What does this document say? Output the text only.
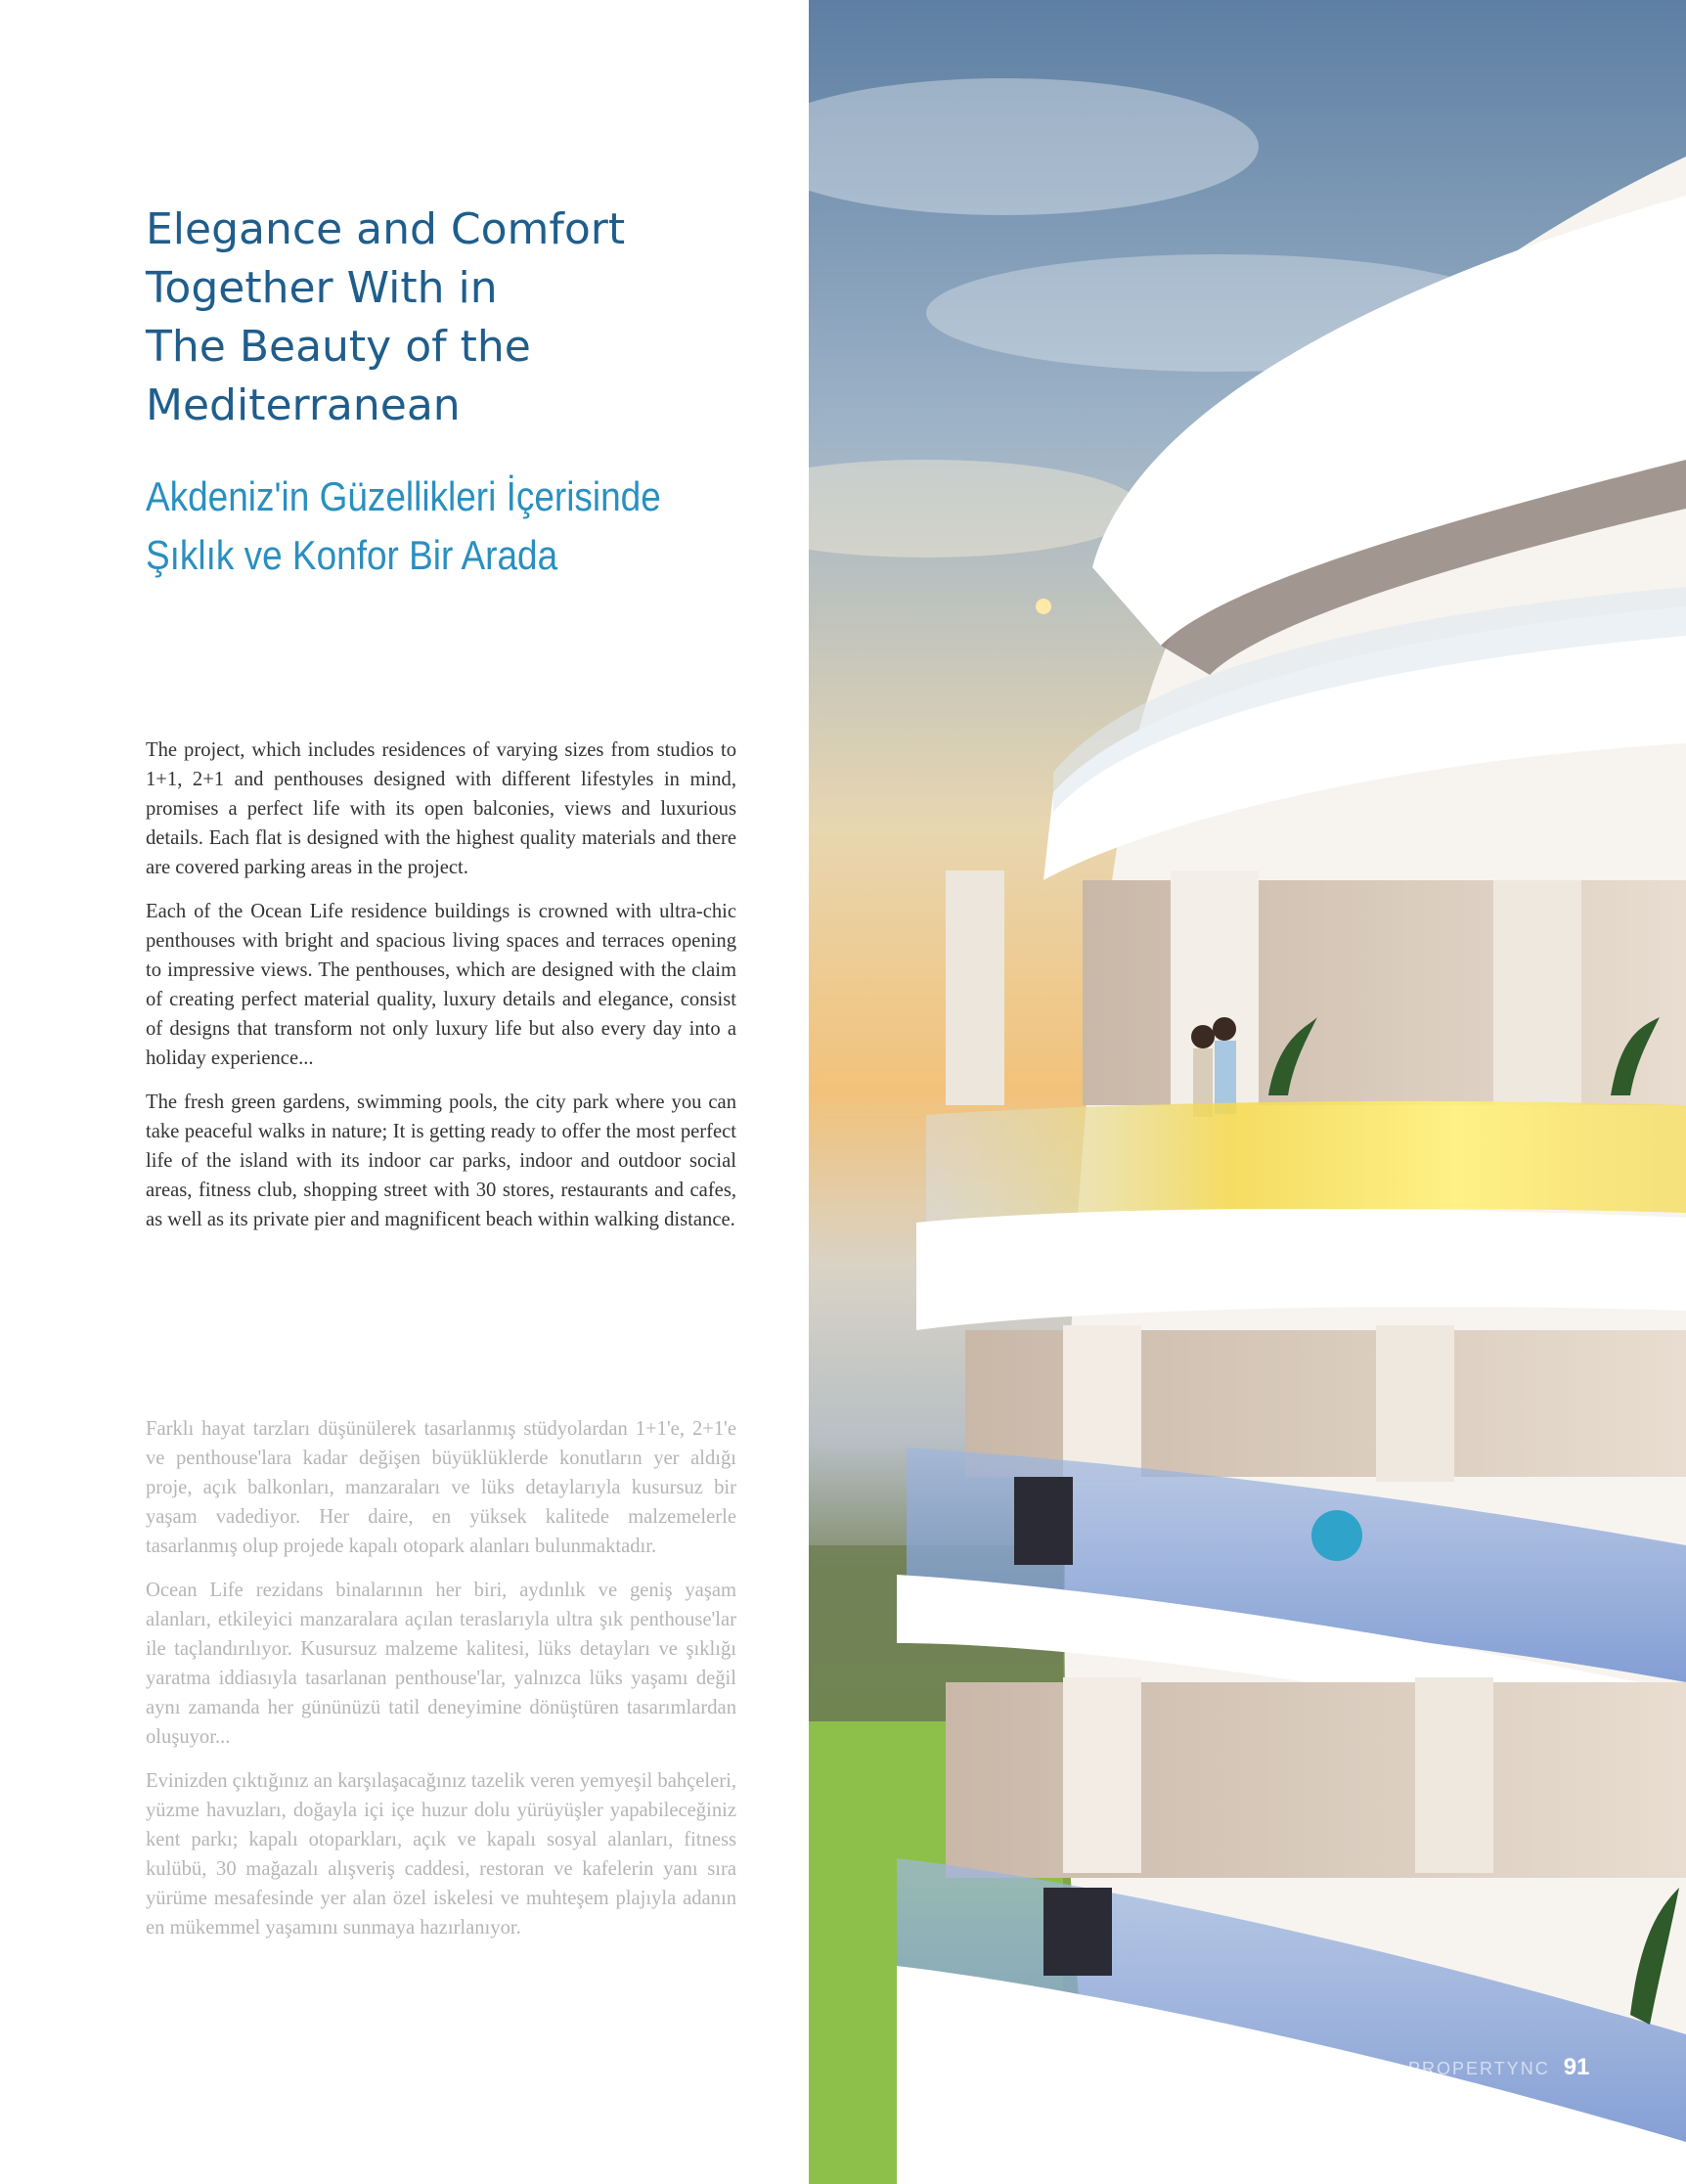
Elegance and Comfort
Together With in
The Beauty of the
Mediterranean
Akdeniz'in Güzellikleri İçerisinde
Şıklık ve Konfor Bir Arada

The project, which includes residences of varying sizes from studios to 1+1, 2+1 and penthouses designed with different lifestyles in mind, promises a perfect life with its open balconies, views and luxurious details. Each flat is designed with the highest quality materials and there are covered parking areas in the project.

Each of the Ocean Life residence buildings is crowned with ultra-chic penthouses with bright and spacious living spaces and terraces opening to impressive views. The penthouses, which are designed with the claim of creating perfect material quality, luxury details and elegance, consist of designs that transform not only luxury life but also every day into a holiday experience...

The fresh green gardens, swimming pools, the city park where you can take peaceful walks in nature; It is getting ready to offer the most perfect life of the island with its indoor car parks, indoor and outdoor social areas, fitness club, shopping street with 30 stores, restaurants and cafes, as well as its private pier and magnificent beach within walking distance.

Farklı hayat tarzları düşünülerek tasarlanmış stüdyolardan 1+1'e, 2+1'e ve penthouse'lara kadar değişen büyüklüklerde konutların yer aldığı proje, açık balkonları, manzaraları ve lüks detaylarıyla kusursuz bir yaşam vadediyor. Her daire, en yüksek kalitede malzemelerle tasarlanmış olup projede kapalı otopark alanları bulunmaktadır.

Ocean Life rezidans binalarının her biri, aydınlık ve geniş yaşam alanları, etkileyici manzaralara açılan teraslarıyla ultra şık penthouse'lar ile taçlandırılıyor. Kusursuz malzeme kalitesi, lüks detayları ve şıklığı yaratma iddiasıyla tasarlanan penthouse'lar, yalnızca lüks yaşamı değil aynı zamanda her gününüzü tatil deneyimine dönüştüren tasarımlardan oluşuyor...

Evinizden çıktığınız an karşılaşacağınız tazelik veren yemyeşil bahçeleri, yüzme havuzları, doğayla içi içe huzur dolu yürüyüşler yapabileceğiniz kent parkı; kapalı otoparkları, açık ve kapalı sosyal alanları, fitness kulübü, 30 mağazalı alışveriş caddesi, restoran ve kafelerin yanı sıra yürüme mesafesinde yer alan özel iskelesi ve muhteşem plajıyla adanın en mükemmel yaşamını sunmaya hazırlanıyor.

PROPERTYNC 91
